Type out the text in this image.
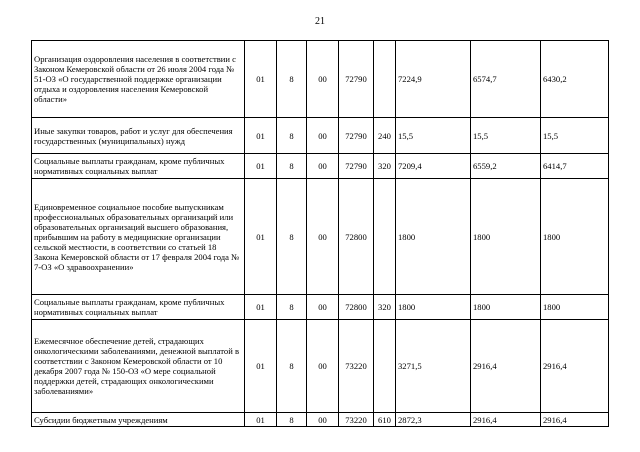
21
Организация оздоровления населения в соответствии с Законом Кемеровской области от 26 июля 2004 года № 51-ОЗ «О государственной поддержке организации отдыха и оздоровления населения Кемеровской области»	01	8	00	72790		7224,9	6574,7	6430,2
Иные закупки товаров, работ и услуг для обеспечения государственных (муниципальных) нужд	01	8	00	72790	240	15,5	15,5	15,5
Социальные выплаты гражданам, кроме публичных нормативных социальных выплат	01	8	00	72790	320	7209,4	6559,2	6414,7
Единовременное социальное пособие выпускникам профессиональных образовательных организаций или образовательных организаций высшего образования, прибывшим на работу в медицинские организации сельской местности, в соответствии со статьей 18 Закона Кемеровской области от 17 февраля 2004 года № 7-ОЗ «О здравоохранении»	01	8	00	72800		1800	1800	1800
Социальные выплаты гражданам, кроме публичных нормативных социальных выплат	01	8	00	72800	320	1800	1800	1800
Ежемесячное обеспечение детей, страдающих онкологическими заболеваниями, денежной выплатой в соответствии с Законом Кемеровской области от 10 декабря 2007 года № 150-ОЗ «О мере социальной поддержки детей, страдающих онкологическими заболеваниями»	01	8	00	73220		3271,5	2916,4	2916,4
Субсидии бюджетным учреждениям	01	8	00	73220	610	2872,3	2916,4	2916,4
